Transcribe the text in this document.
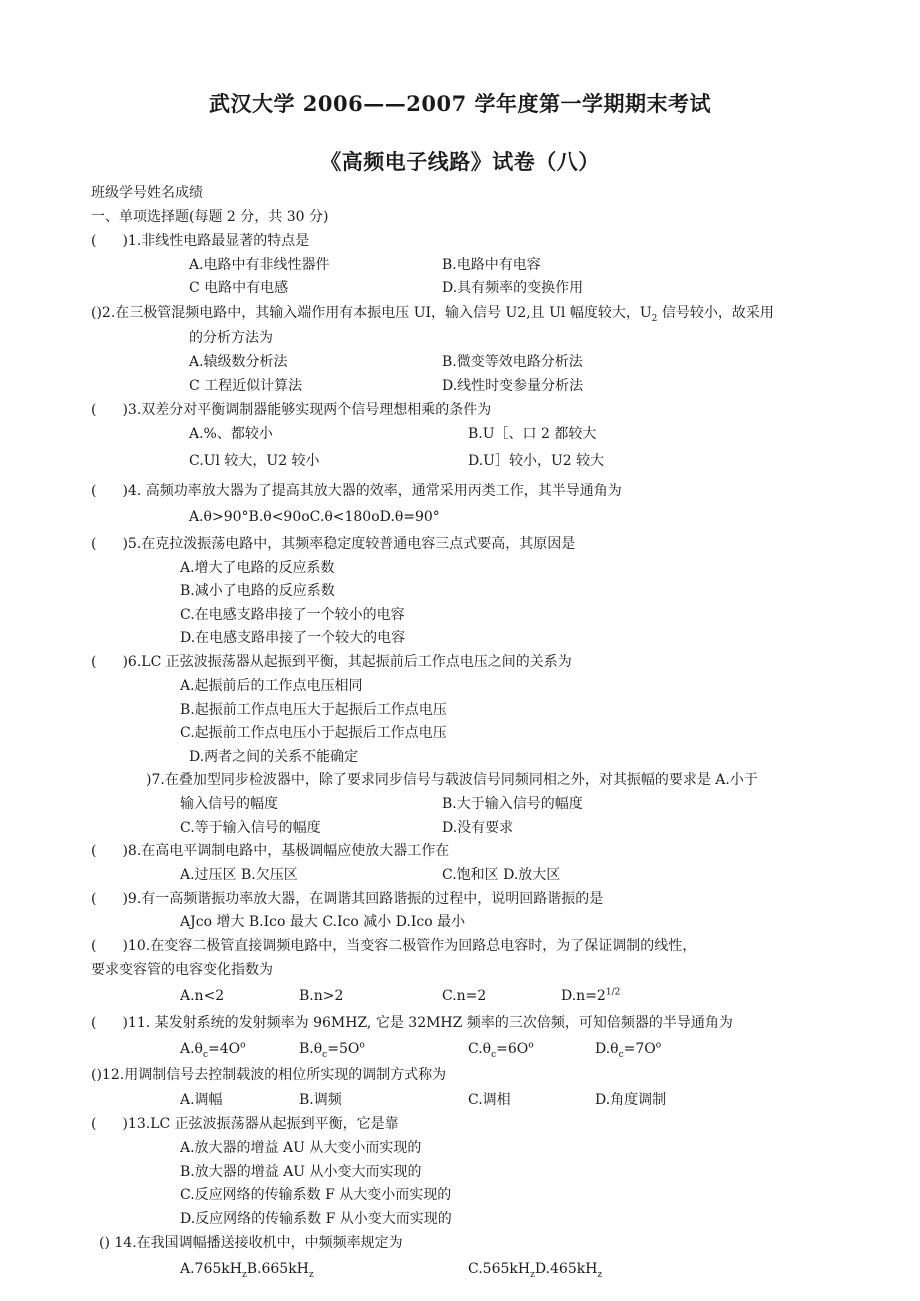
武汉大学 2006——2007 学年度第一学期期末考试
《高频电子线路》试卷（八）
班级学号姓名成绩
一、单项选择题(每题 2 分，共 30 分)
( )1.非线性电路最显著的特点是
A.电路中有非线性器件	B.电路中有电容
C 电路中有电感	D.具有频率的变换作用
()2.在三极管混频电路中，其输入端作用有本振电压 UI，输入信号 U2,且 Ul 幅度较大，$U_2$ 信号较小，故采用
的分析方法为
A.辕级数分析法	B.微变等效电路分析法
C 工程近似计算法	D.线性时变参量分析法
( )3.双差分对平衡调制器能够实现两个信号理想相乘的条件为
A.%、都较小	B.U［、口 2 都较大
C.Ul 较大，U2 较小	D.U］较小，U2 较大
( )4. 高频功率放大器为了提高其放大器的效率，通常采用丙类工作，其半导通角为
A.θ>90°B.θ<90oC.θ<180oD.θ=90°
( )5.在克拉泼振荡电路中，其频率稳定度较普通电容三点式要高，其原因是
A.增大了电路的反应系数
B.减小了电路的反应系数
C.在电感支路串接了一个较小的电容
D.在电感支路串接了一个较大的电容
( )6.LC 正弦波振荡器从起振到平衡，其起振前后工作点电压之间的关系为
A.起振前后的工作点电压相同
B.起振前工作点电压大于起振后工作点电压
C.起振前工作点电压小于起振后工作点电压
D.两者之间的关系不能确定
)7.在叠加型同步检波器中，除了要求同步信号与载波信号同频同相之外，对其振幅的要求是 A.小于
输入信号的幅度	B.大于输入信号的幅度
C.等于输入信号的幅度	D.没有要求
( )8.在高电平调制电路中，基极调幅应使放大器工作在
A.过压区 B.欠压区	C.饱和区 D.放大区
( )9.有一高频谐振功率放大器，在调谐其回路谐振的过程中，说明回路谐振的是
AJco 增大 B.Ico 最大 C.Ico 减小 D.Ico 最小
( )10.在变容二极管直接调频电路中，当变容二极管作为回路总电容时，为了保证调制的线性，
要求变容管的电容变化指数为
A.n<2	B.n>2	C.n=2	$D.n=2^{1/2}$
( )11. 某发射系统的发射频率为 96MHZ, 它是 32MHZ 频率的三次倍频，可知倍频器的半导通角为
$A.\theta_c=4O^o$	$B.\theta_c=5O^o$	$C.\theta_c=6O^o$	$D.\theta_c=7O^o$
()12.用调制信号去控制载波的相位所实现的调制方式称为
A.调幅	B.调频	C.调相	D.角度调制
( )13.LC 正弦波振荡器从起振到平衡，它是靠
A.放大器的增益 AU 从大变小而实现的
B.放大器的增益 AU 从小变大而实现的
C.反应网络的传输系数 F 从大变小而实现的
D.反应网络的传输系数 F 从小变大而实现的
() 14.在我国调幅播送接收机中，中频频率规定为
$A.765kH_zB.665kH_z$	$C.565kH_zD.465kH_z$
